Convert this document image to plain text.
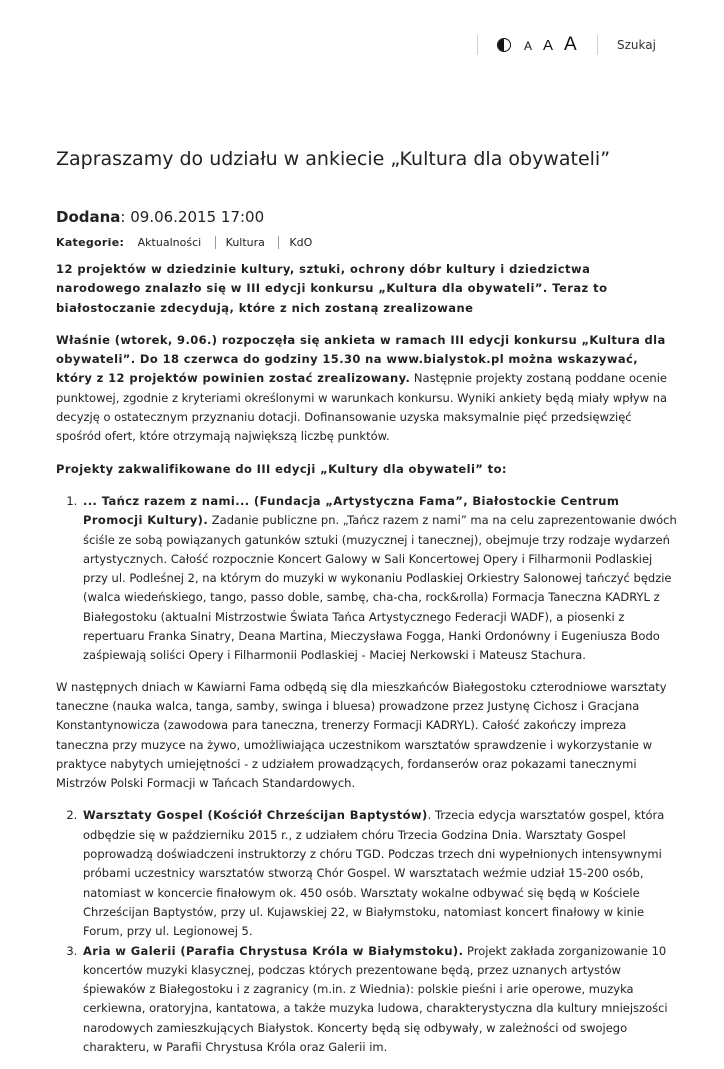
A A A	Szukaj
Zapraszamy do udziału w ankiecie „Kultura dla obywateli”
Dodana: 09.06.2015 17:00
Kategorie: Aktualności Kultura KdO

12 projektów w dziedzinie kultury, sztuki, ochrony dóbr kultury i dziedzictwa narodowego znalazło się w III edycji konkursu „Kultura dla obywateli”. Teraz to białostoczanie zdecydują, które z nich zostaną zrealizowane

Właśnie (wtorek, 9.06.) rozpoczęła się ankieta w ramach III edycji konkursu „Kultura dla obywateli”. Do 18 czerwca do godziny 15.30 na www.bialystok.pl można wskazywać, który z 12 projektów powinien zostać zrealizowany. Następnie projekty zostaną poddane ocenie punktowej, zgodnie z kryteriami określonymi w warunkach konkursu. Wyniki ankiety będą miały wpływ na decyzję o ostatecznym przyznaniu dotacji. Dofinansowanie uzyska maksymalnie pięć przedsięwzięć spośród ofert, które otrzymają największą liczbę punktów.

Projekty zakwalifikowane do III edycji „Kultury dla obywateli” to:

1. ... Tańcz razem z nami... (Fundacja „Artystyczna Fama”, Białostockie Centrum Promocji Kultury). Zadanie publiczne pn. „Tańcz razem z nami” ma na celu zaprezentowanie dwóch ściśle ze sobą powiązanych gatunków sztuki (muzycznej i tanecznej), obejmuje trzy rodzaje wydarzeń artystycznych. Całość rozpocznie Koncert Galowy w Sali Koncertowej Opery i Filharmonii Podlaskiej przy ul. Podleśnej 2, na którym do muzyki w wykonaniu Podlaskiej Orkiestry Salonowej tańczyć będzie (walca wiedeńskiego, tango, passo doble, sambę, cha-cha, rock&rolla) Formacja Taneczna KADRYL z Białegostoku (aktualni Mistrzostwie Świata Tańca Artystycznego Federacji WADF), a piosenki z repertuaru Franka Sinatry, Deana Martina, Mieczysława Fogga, Hanki Ordonówny i Eugeniusza Bodo zaśpiewają soliści Opery i Filharmonii Podlaskiej - Maciej Nerkowski i Mateusz Stachura.

W następnych dniach w Kawiarni Fama odbędą się dla mieszkańców Białegostoku czterodniowe warsztaty taneczne (nauka walca, tanga, samby, swinga i bluesa) prowadzone przez Justynę Cichosz i Gracjana Konstantynowicza (zawodowa para taneczna, trenerzy Formacji KADRYL). Całość zakończy impreza taneczna przy muzyce na żywo, umożliwiająca uczestnikom warsztatów sprawdzenie i wykorzystanie w praktyce nabytych umiejętności - z udziałem prowadzących, fordanserów oraz pokazami tanecznymi Mistrzów Polski Formacji w Tańcach Standardowych.

2. Warsztaty Gospel (Kościół Chrześcijan Baptystów). Trzecia edycja warsztatów gospel, która odbędzie się w październiku 2015 r., z udziałem chóru Trzecia Godzina Dnia. Warsztaty Gospel poprowadzą doświadczeni instruktorzy z chóru TGD. Podczas trzech dni wypełnionych intensywnymi próbami uczestnicy warsztatów stworzą Chór Gospel. W warsztatach weźmie udział 15-200 osób, natomiast w koncercie finałowym ok. 450 osób. Warsztaty wokalne odbywać się będą w Kościele Chrześcijan Baptystów, przy ul. Kujawskiej 22, w Białymstoku, natomiast koncert finałowy w kinie Forum, przy ul. Legionowej 5.
3. Aria w Galerii (Parafia Chrystusa Króla w Białymstoku). Projekt zakłada zorganizowanie 10 koncertów muzyki klasycznej, podczas których prezentowane będą, przez uznanych artystów śpiewaków z Białegostoku i z zagranicy (m.in. z Wiednia): polskie pieśni i arie operowe, muzyka cerkiewna, oratoryjna, kantatowa, a także muzyka ludowa, charakterystyczna dla kultury mniejszości narodowych zamieszkujących Białystok. Koncerty będą się odbywały, w zależności od swojego charakteru, w Parafii Chrystusa Króla oraz Galerii im.
